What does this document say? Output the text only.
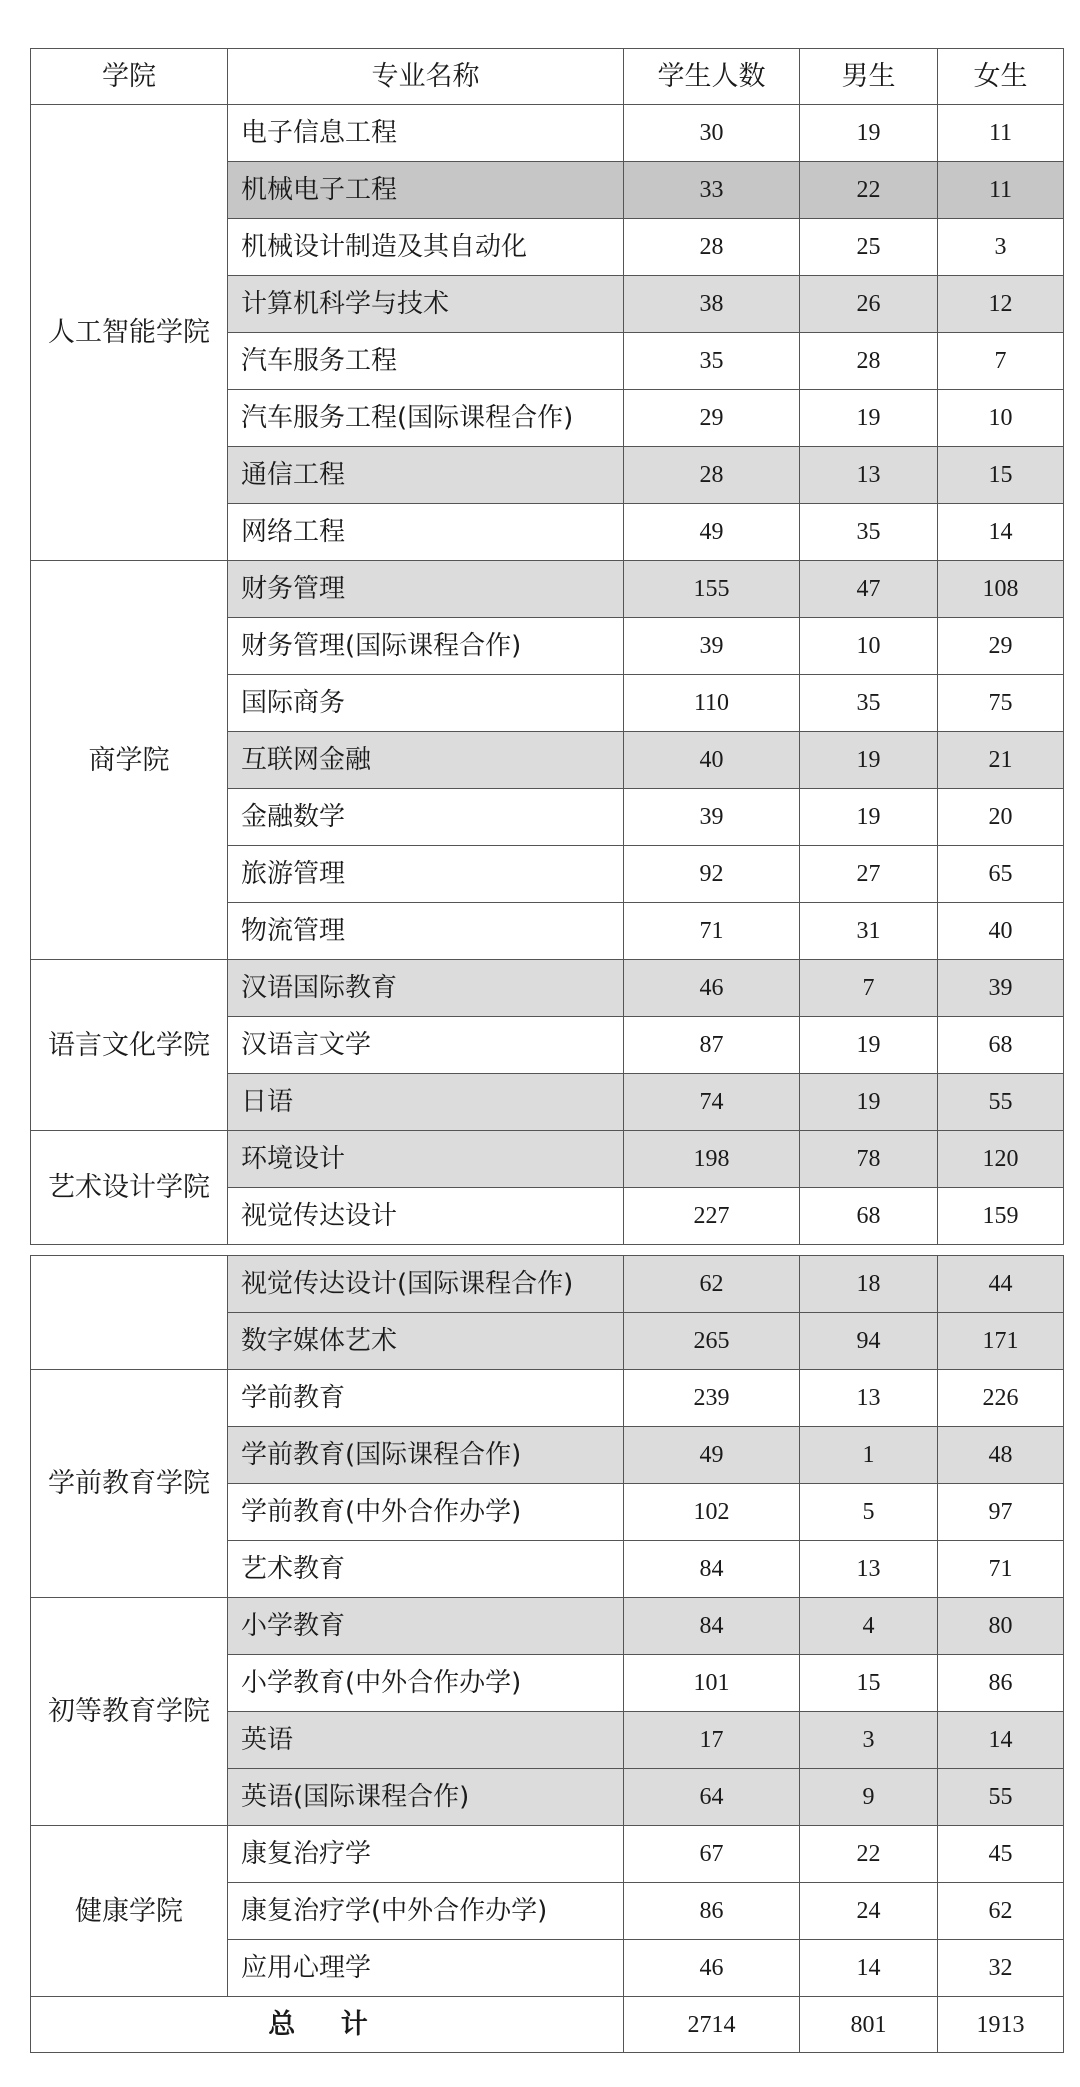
学院	专业名称	学生人数	男生	女生
人工智能学院	电子信息工程	30	19	11
	机械电子工程	33	22	11
	机械设计制造及其自动化	28	25	3
	计算机科学与技术	38	26	12
	汽车服务工程	35	28	7
	汽车服务工程(国际课程合作)	29	19	10
	通信工程	28	13	15
	网络工程	49	35	14
商学院	财务管理	155	47	108
	财务管理(国际课程合作)	39	10	29
	国际商务	110	35	75
	互联网金融	40	19	21
	金融数学	39	19	20
	旅游管理	92	27	65
	物流管理	71	31	40
语言文化学院	汉语国际教育	46	7	39
	汉语言文学	87	19	68
	日语	74	19	55
艺术设计学院	环境设计	198	78	120
	视觉传达设计	227	68	159
	视觉传达设计(国际课程合作)	62	18	44
	数字媒体艺术	265	94	171
学前教育学院	学前教育	239	13	226
	学前教育(国际课程合作)	49	1	48
	学前教育(中外合作办学)	102	5	97
	艺术教育	84	13	71
初等教育学院	小学教育	84	4	80
	小学教育(中外合作办学)	101	15	86
	英语	17	3	14
	英语(国际课程合作)	64	9	55
健康学院	康复治疗学	67	22	45
	康复治疗学(中外合作办学)	86	24	62
	应用心理学	46	14	32
总 计		2714	801	1913
